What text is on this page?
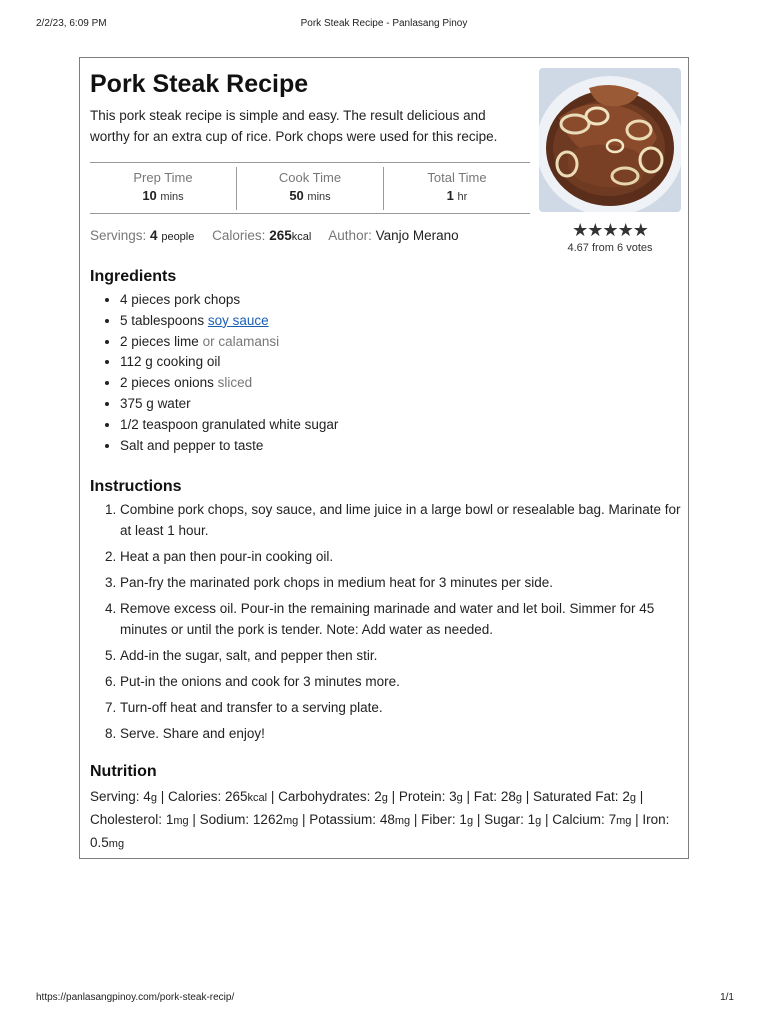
2/2/23, 6:09 PM	Pork Steak Recipe - Panlasang Pinoy
Pork Steak Recipe

This pork steak recipe is simple and easy. The result delicious and worthy for an extra cup of rice. Pork chops were used for this recipe.

★★★★★
4.67 from 6 votes
Prep Time
10 mins
Cook Time
50 mins
Total Time
1 hr
Servings: 4 people Calories: 265kcal Author: Vanjo Merano
Ingredients
• 4 pieces pork chops
• 5 tablespoons soy sauce
• 2 pieces lime or calamansi
• 112 g cooking oil
• 2 pieces onions sliced
• 375 g water
• 1/2 teaspoon granulated white sugar
• Salt and pepper to taste
Instructions
1. Combine pork chops, soy sauce, and lime juice in a large bowl or resealable bag. Marinate for at least 1 hour.
2. Heat a pan then pour-in cooking oil.
3. Pan-fry the marinated pork chops in medium heat for 3 minutes per side.
4. Remove excess oil. Pour-in the remaining marinade and water and let boil. Simmer for 45 minutes or until the pork is tender. Note: Add water as needed.
5. Add-in the sugar, salt, and pepper then stir.
6. Put-in the onions and cook for 3 minutes more.
7. Turn-off heat and transfer to a serving plate.
8. Serve. Share and enjoy!
Nutrition

Serving: 4g | Calories: 265kcal | Carbohydrates: 2g | Protein: 3g | Fat: 28g | Saturated Fat: 2g | Cholesterol: 1mg | Sodium: 1262mg | Potassium: 48mg | Fiber: 1g | Sugar: 1g | Calcium: 7mg | Iron: 0.5mg

https://panlasangpinoy.com/pork-steak-recip/	1/1
